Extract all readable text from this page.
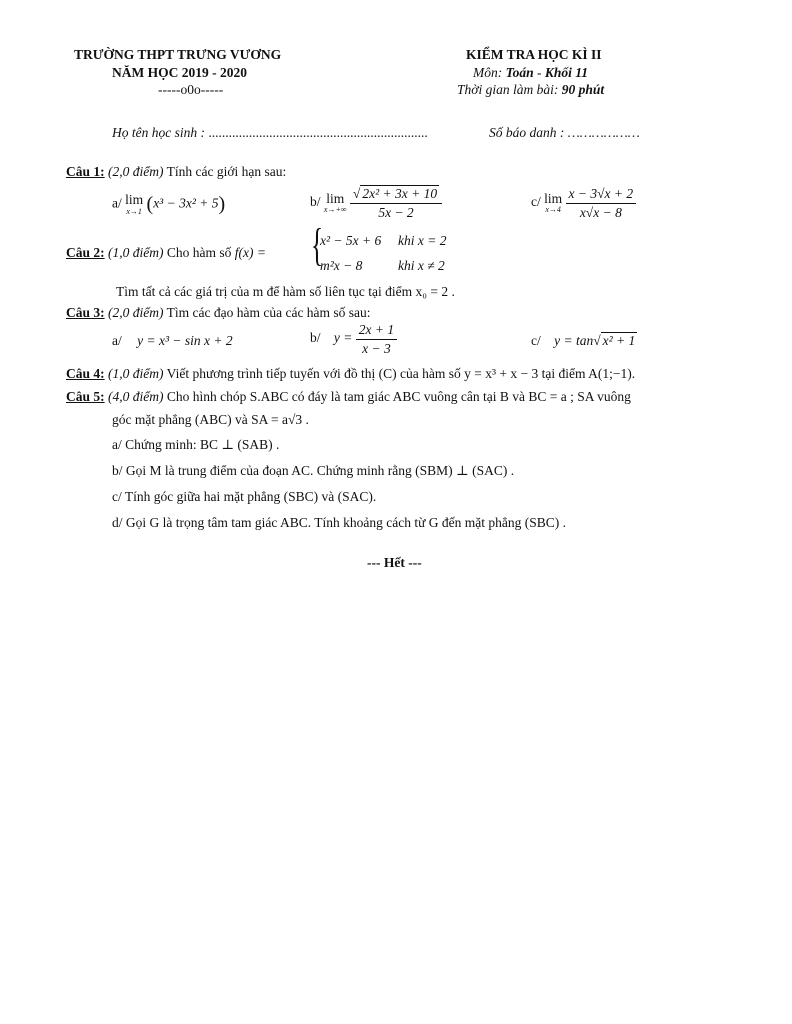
TRƯỜNG THPT TRƯNG VƯƠNG
NĂM HỌC 2019 - 2020
-----o0o-----
KIỂM TRA HỌC KÌ II
Môn: Toán - Khối 11
Thời gian làm bài: 90 phút
Họ tên học sinh : .................................................................	Số báo danh : ………………
Câu 1: (2,0 điểm) Tính các giới hạn sau:
a/ lim
x→1 (x³ − 3x² + 5)	b/ lim
x→+∞
$\frac{\text{√ 2x² + 3x + 10}}{5x - 2}$	c/ lim
x→4
$\frac{x - 3√x + 2}{x√x - 8}$
Câu 2: (1,0 điểm) Cho hàm số f(x) = {
x² − 5x + 6 khi x = 2
m²x − 8	khi x ≠ 2
Tìm tất cả các giá trị của m để hàm số liên tục tại điểm x₀ = 2 .
Câu 3: (2,0 điểm) Tìm các đạo hàm của các hàm số sau:
a/ y = x³ − sin x + 2	b/ $y = \frac{2x + 1}{x - 3}$	c/ y = tan√ x² + 1
Câu 4: (1,0 điểm) Viết phương trình tiếp tuyến với đồ thị (C) của hàm số y = x³ + x − 3 tại điểm A(1;−1).
Câu 5: (4,0 điểm) Cho hình chóp S.ABC có đáy là tam giác ABC vuông cân tại B và BC = a ; SA vuông
góc mặt phẳng (ABC) và SA = a√3 .
a/ Chứng minh: BC ⊥ (SAB) .
b/ Gọi M là trung điểm của đoạn AC. Chứng minh rằng (SBM) ⊥ (SAC) .
c/ Tính góc giữa hai mặt phẳng (SBC) và (SAC).
d/ Gọi G là trọng tâm tam giác ABC. Tính khoảng cách từ G đến mặt phẳng (SBC) .
--- Hết ---
